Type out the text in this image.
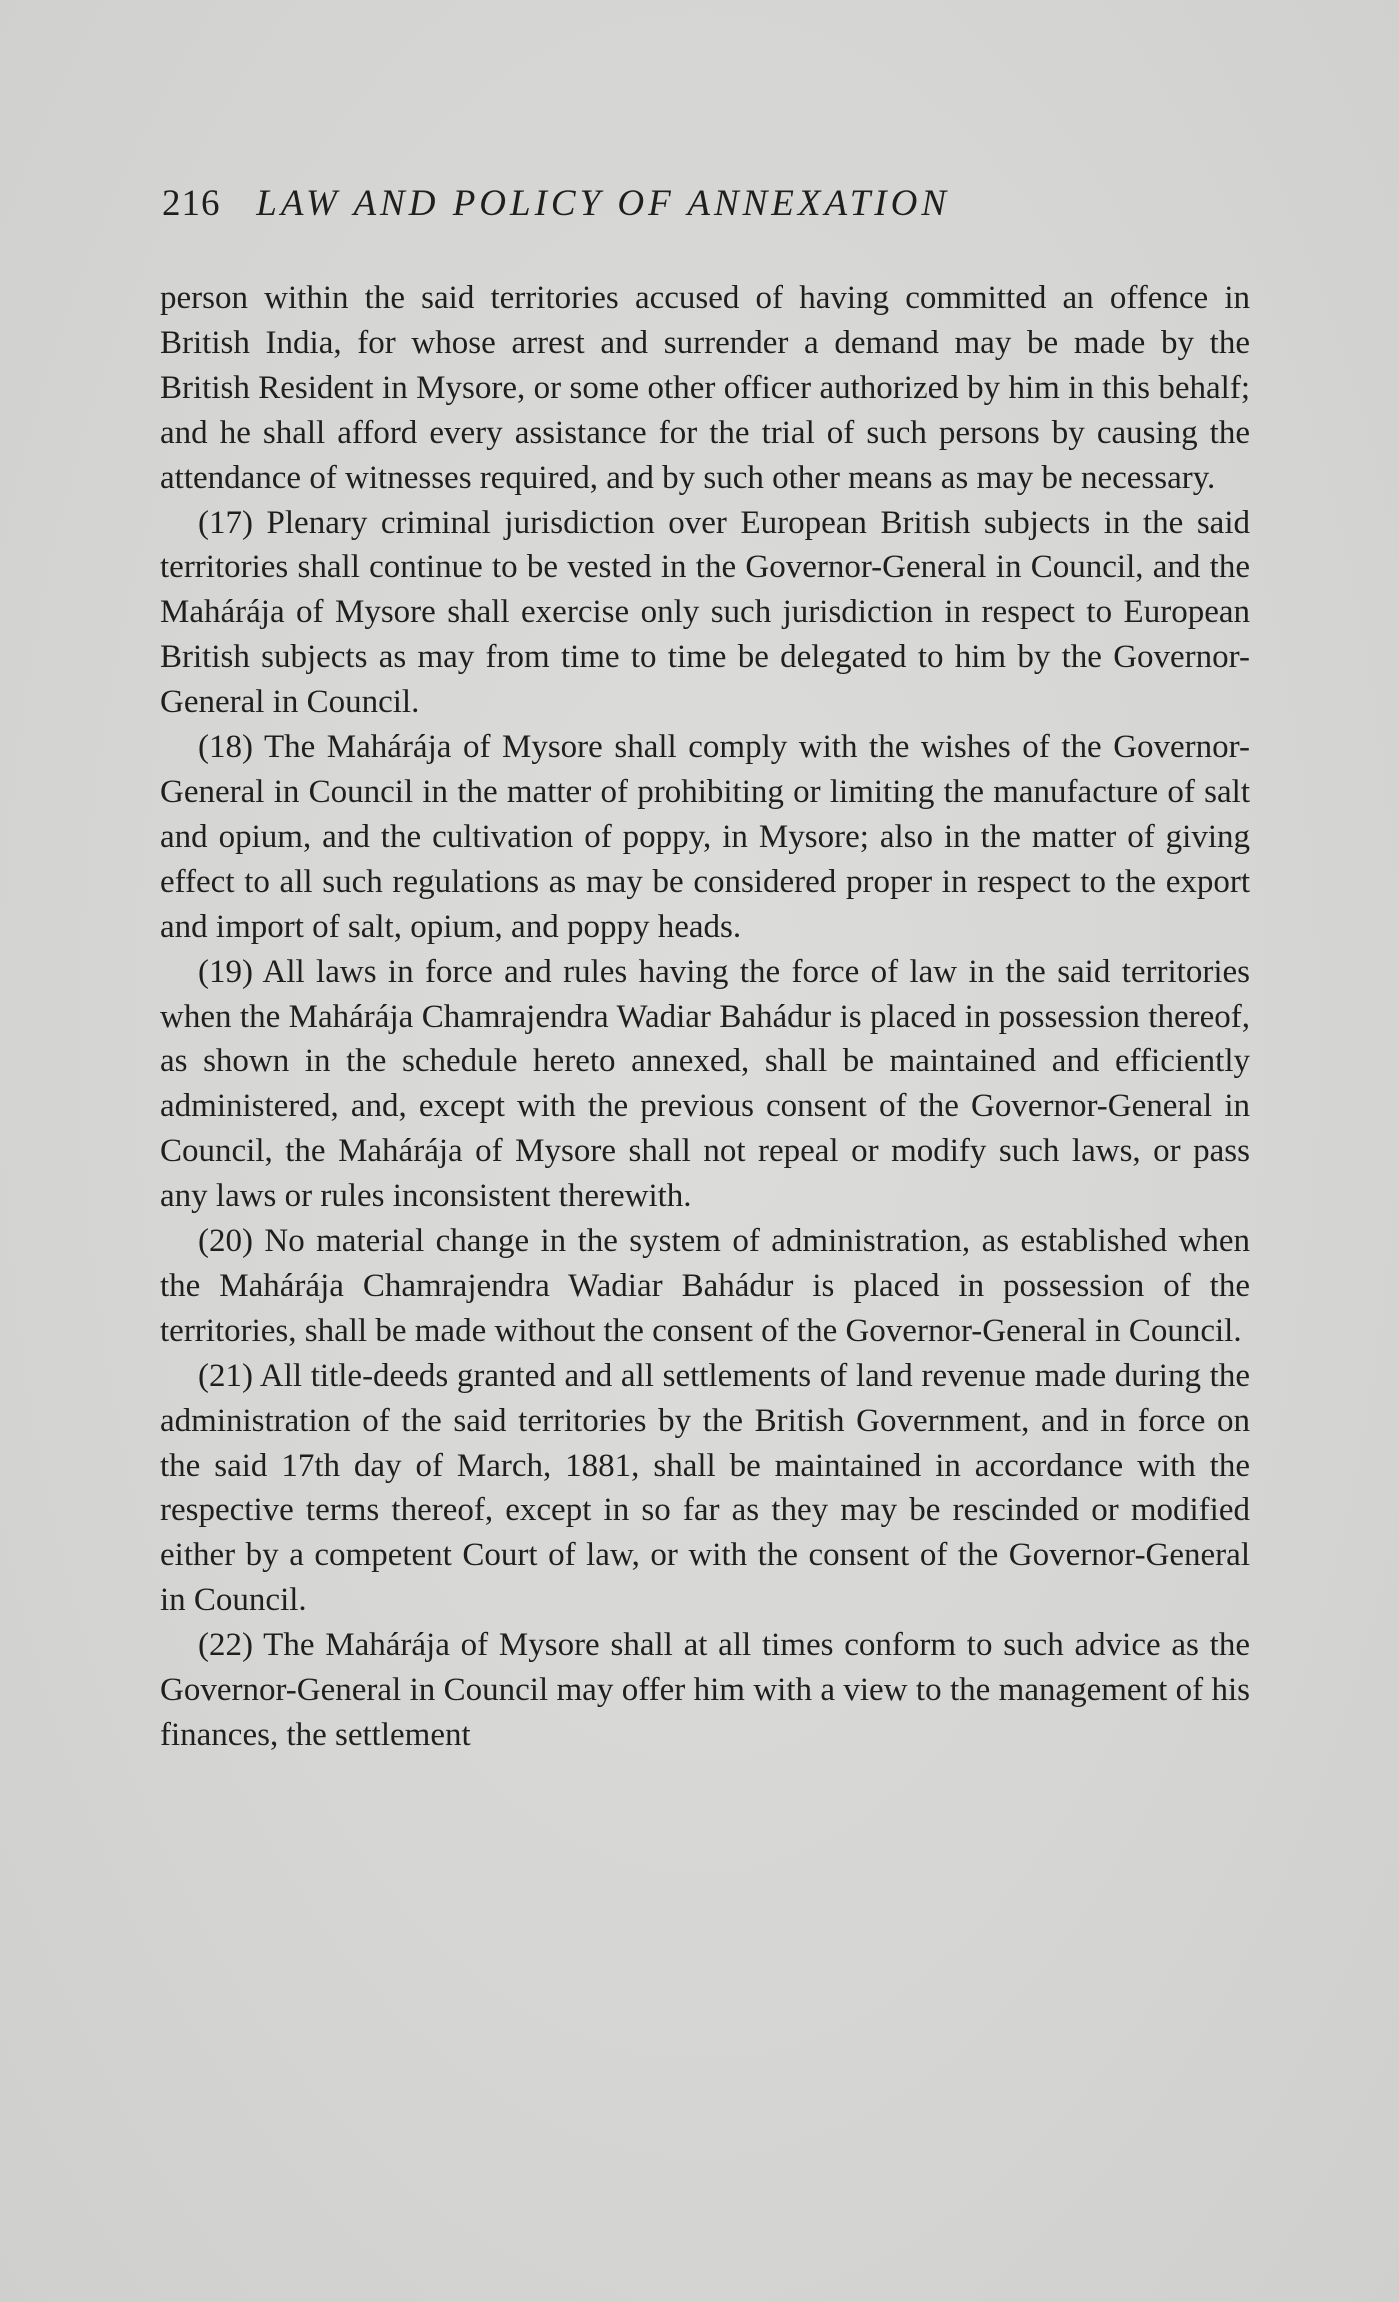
216 LAW AND POLICY OF ANNEXATION

person within the said territories accused of having committed an offence in British India, for whose arrest and surrender a demand may be made by the British Resident in Mysore, or some other officer authorized by him in this behalf; and he shall afford every assistance for the trial of such persons by causing the attendance of witnesses required, and by such other means as may be necessary.

(17) Plenary criminal jurisdiction over European British subjects in the said territories shall continue to be vested in the Governor-General in Council, and the Mahárája of Mysore shall exercise only such jurisdiction in respect to European British subjects as may from time to time be delegated to him by the Governor-General in Council.

(18) The Mahárája of Mysore shall comply with the wishes of the Governor-General in Council in the matter of prohibiting or limiting the manufacture of salt and opium, and the cultivation of poppy, in Mysore; also in the matter of giving effect to all such regulations as may be considered proper in respect to the export and import of salt, opium, and poppy heads.

(19) All laws in force and rules having the force of law in the said territories when the Mahárája Chamrajendra Wadiar Bahádur is placed in possession thereof, as shown in the schedule hereto annexed, shall be maintained and efficiently administered, and, except with the previous consent of the Governor-General in Council, the Mahárája of Mysore shall not repeal or modify such laws, or pass any laws or rules inconsistent therewith.

(20) No material change in the system of administration, as established when the Mahárája Chamrajendra Wadiar Bahádur is placed in possession of the territories, shall be made without the consent of the Governor-General in Council.

(21) All title-deeds granted and all settlements of land revenue made during the administration of the said territories by the British Government, and in force on the said 17th day of March, 1881, shall be maintained in accordance with the respective terms thereof, except in so far as they may be rescinded or modified either by a competent Court of law, or with the consent of the Governor-General in Council.

(22) The Mahárája of Mysore shall at all times conform to such advice as the Governor-General in Council may offer him with a view to the management of his finances, the settlement
